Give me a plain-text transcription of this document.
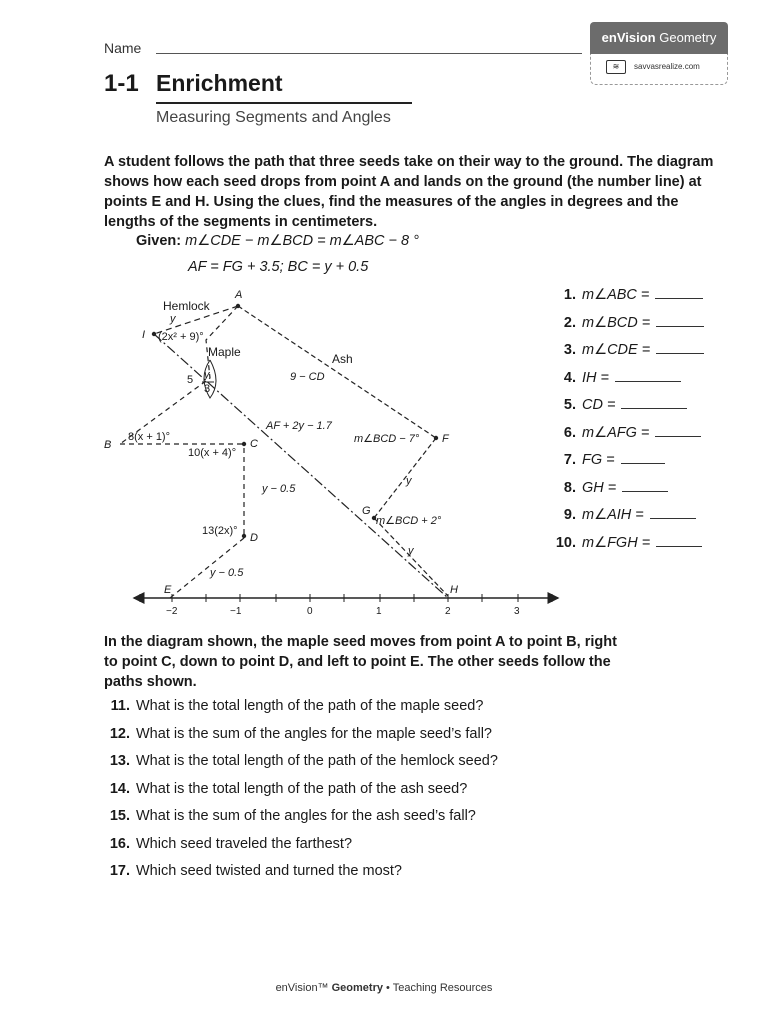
Name
enVision Geometry
≋	savvasrealize.com
1-1 Enrichment
Measuring Segments and Angles
A student follows the path that three seeds take on their way to the ground. The diagram shows how each seed drops from point A and lands on the ground (the number line) at points E and H. Using the clues, find the measures of the angles in degrees and the lengths of the segments in centimeters.
Given: m∠CDE − m∠BCD = m∠ABC − 8 °
AF = FG + 3.5; BC = y + 0.5
−2	−1	0	1	2	3
A
B	C
D
E
F
G
H
I
Hemlock
Maple	Ash
y
(2x² + 9)°
5 y
3
9 − CD
AF + 2y − 1.7
8(x + 1)°
10(x + 4)°
m∠BCD − 7°
y
y − 0.5
13(2x)°
y − 0.5
m∠BCD + 2°
y
1. m∠ABC =
2. m∠BCD =
3. m∠CDE =
4. IH =
5. CD =
6. m∠AFG =
7. FG =
8. GH =
9. m∠AIH =
10. m∠FGH =
In the diagram shown, the maple seed moves from point A to point B, right to point C, down to point D, and left to point E. The other seeds follow the paths shown.
11. What is the total length of the path of the maple seed?
12. What is the sum of the angles for the maple seed’s fall?
13. What is the total length of the path of the hemlock seed?
14. What is the total length of the path of the ash seed?
15. What is the sum of the angles for the ash seed’s fall?
16. Which seed traveled the farthest?
17. Which seed twisted and turned the most?
enVision™ Geometry • Teaching Resources
